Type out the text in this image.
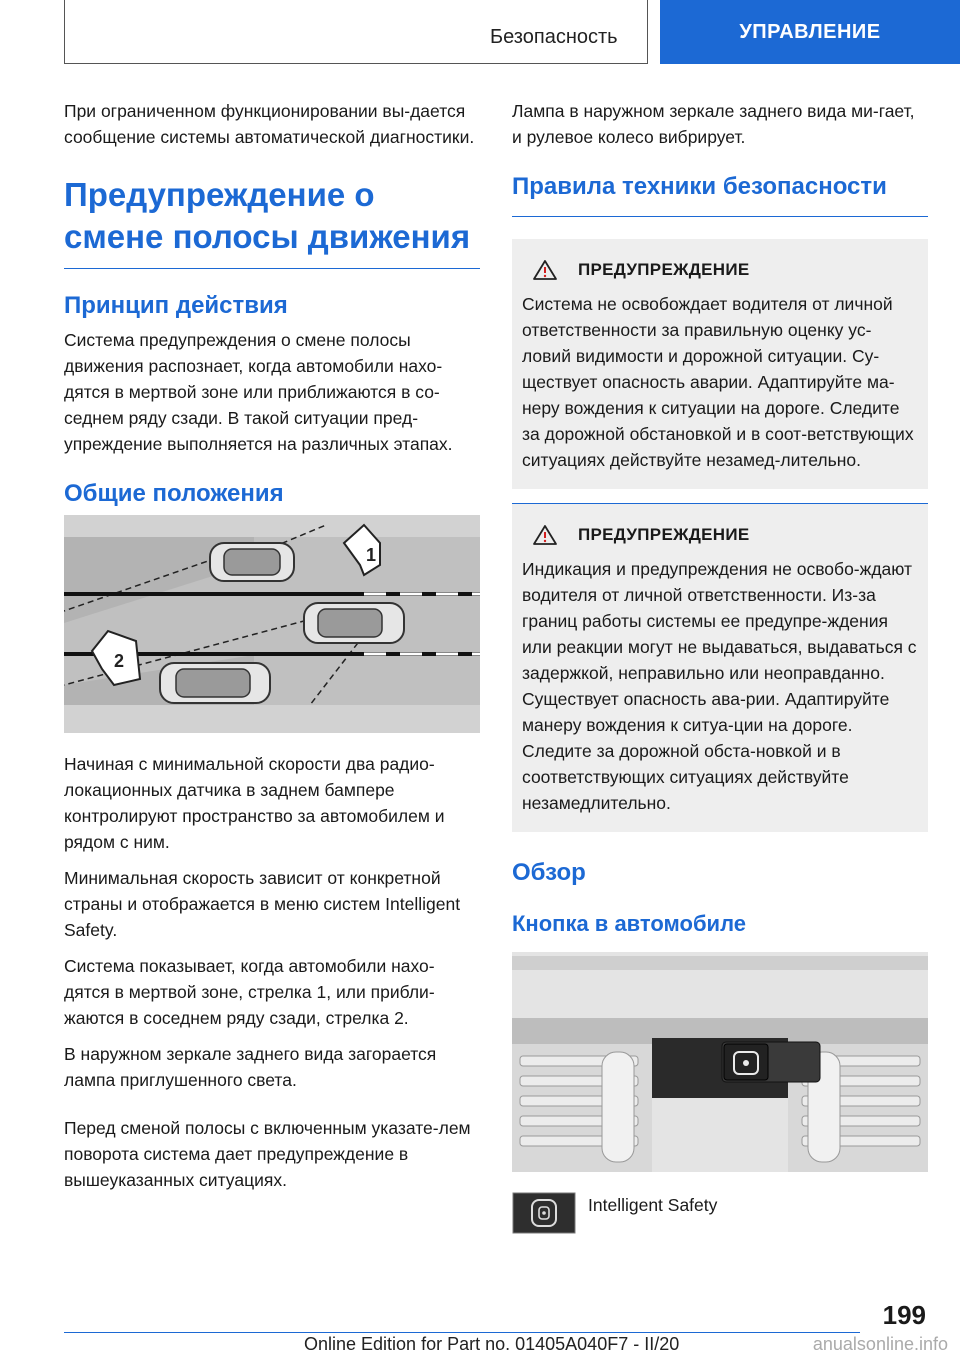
Безопасность	УПРАВЛЕНИЕ

При ограниченном функционировании вы-дается сообщение системы автоматической диагностики.

Предупреждение о смене полосы движения
Принцип действия

Система предупреждения о смене полосы движения распознает, когда автомобили нахо-дятся в мертвой зоне или приближаются в со-седнем ряду сзади. В такой ситуации пред-упреждение выполняется на различных этапах.

Общие положения
1
2

Начиная с минимальной скорости два радио-локационных датчика в заднем бампере контролируют пространство за автомобилем и рядом с ним.

Минимальная скорость зависит от конкретной страны и отображается в меню систем Intelligent Safety.

Система показывает, когда автомобили нахо-дятся в мертвой зоне, стрелка 1, или прибли-жаются в соседнем ряду сзади, стрелка 2.

В наружном зеркале заднего вида загорается лампа приглушенного света.

Перед сменой полосы с включенным указате-лем поворота система дает предупреждение в вышеуказанных ситуациях.

Лампа в наружном зеркале заднего вида ми-гает, и рулевое колесо вибрирует.

Правила техники безопасности
ПРЕДУПРЕЖДЕНИЕ

Система не освобождает водителя от личной ответственности за правильную оценку ус-ловий видимости и дорожной ситуации. Су-ществует опасность аварии. Адаптируйте ма-неру вождения к ситуации на дороге. Следите за дорожной обстановкой и в соот-ветствующих ситуациях действуйте незамед-лительно.

ПРЕДУПРЕЖДЕНИЕ

Индикация и предупреждения не освобо-ждают водителя от личной ответственности. Из-за границ работы системы ее предупре-ждения или реакции могут не выдаваться, выдаваться с задержкой, неправильно или неоправданно. Существует опасность ава-рии. Адаптируйте манеру вождения к ситуа-ции на дороге. Следите за дорожной обста-новкой и в соответствующих ситуациях действуйте незамедлительно.

Обзор
Кнопка в автомобиле

Intelligent Safety

199
Online Edition for Part no. 01405A040F7 - II/20	anualsonline.info
